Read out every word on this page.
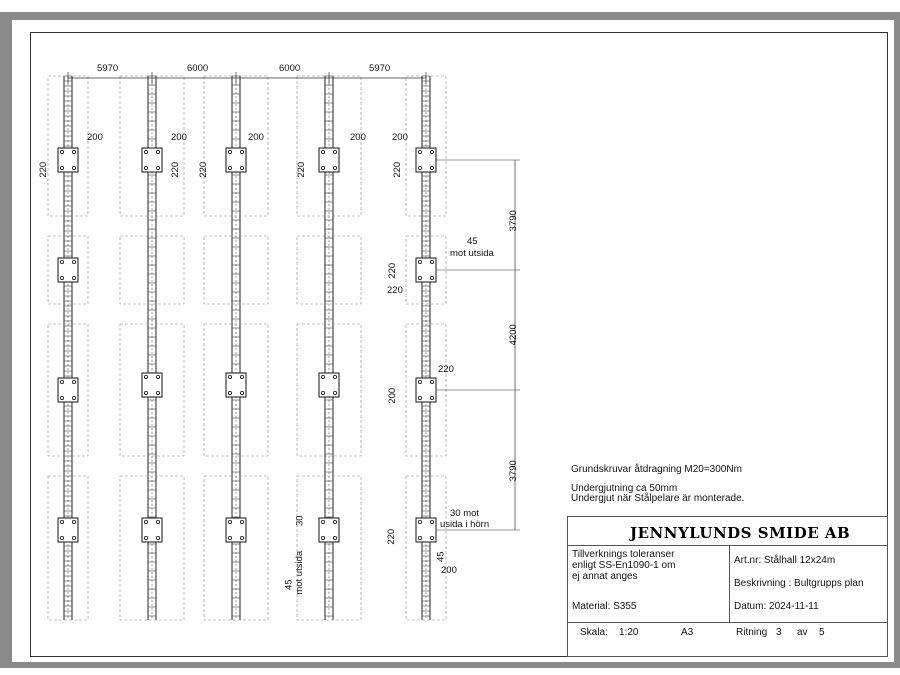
5970	6000	6000	5970
200	200	200	200	200
220	220 220	220	220
3790
4200
3790
45
mot utsida
220
220
220
200
30 mot
usida i hörn
220
45
200
30
45 mot utsida
Grundskruvar åtdragning M20=300Nm
Undergjutning ca 50mm
Undergjut när Stålpelare är monterade.
JENNYLUNDS SMIDE AB
Tillverknings toleranser
enligt SS-En1090-1 om
ej annat anges
Art.nr: Stålhall 12x24m
Beskrivning : Bultgrupps plan
Material: S355	Datum: 2024-11-11
Skala: 1:20	A3	Ritning 3 av 5
